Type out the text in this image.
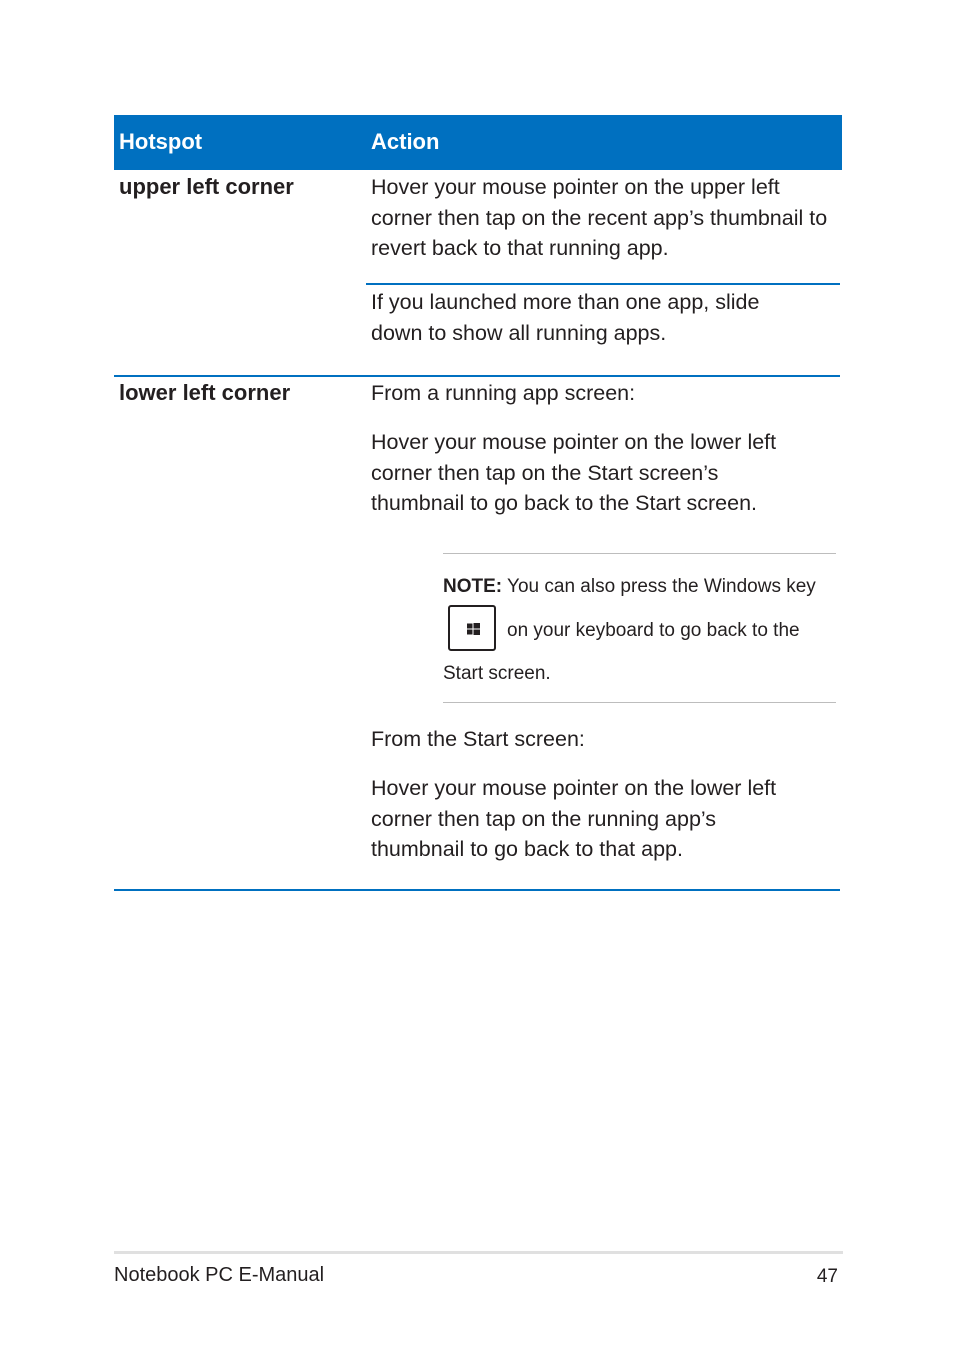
Hotspot	Action
upper left corner	Hover your mouse pointer on the upper left corner then tap on the recent app’s thumbnail to revert back to that running app.

If you launched more than one app, slide down to show all running apps.

lower left corner	From a running app screen:

Hover your mouse pointer on the lower left corner then tap on the Start screen’s thumbnail to go back to the Start screen.

NOTE: You can also press the Windows key
on your keyboard to go back to the
Start screen.

From the Start screen:

Hover your mouse pointer on the lower left corner then tap on the running app’s thumbnail to go back to that app.

Notebook PC E-Manual	47
